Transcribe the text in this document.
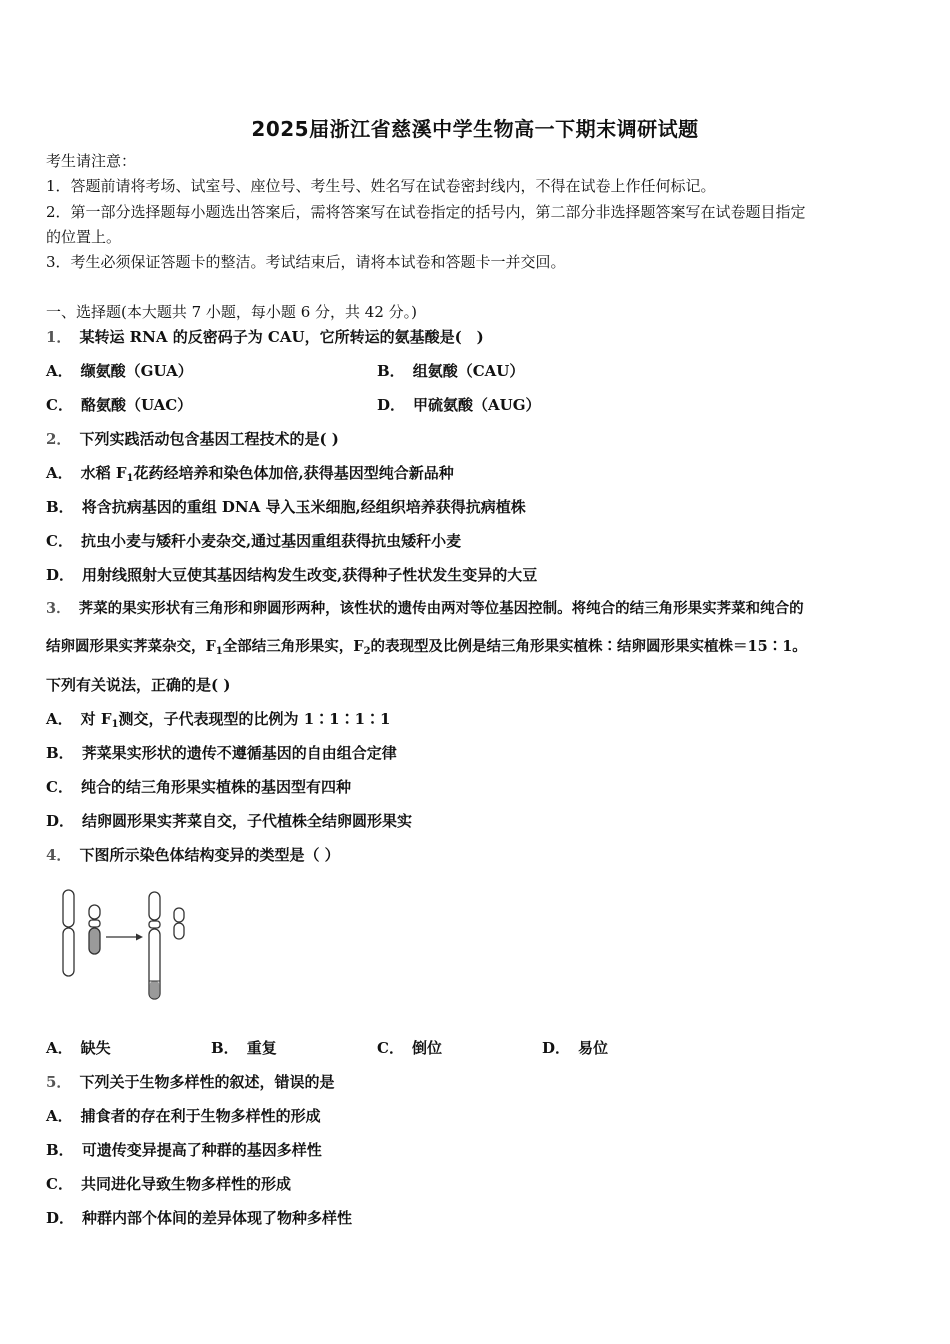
2025届浙江省慈溪中学生物高一下期末调研试题
考生请注意：
1．答题前请将考场、试室号、座位号、考生号、姓名写在试卷密封线内，不得在试卷上作任何标记。
2．第一部分选择题每小题选出答案后，需将答案写在试卷指定的括号内，第二部分非选择题答案写在试卷题目指定
的位置上。
3．考生必须保证答题卡的整洁。考试结束后，请将本试卷和答题卡一并交回。
一、选择题(本大题共 7 小题，每小题 6 分，共 42 分。)
1． 某转运 RNA 的反密码子为 CAU，它所转运的氨基酸是(　)
A． 缬氨酸（GUA）	B． 组氨酸（CAU）
C． 酪氨酸（UAC）	D． 甲硫氨酸（AUG）
2． 下列实践活动包含基因工程技术的是( )
A． 水稻 $F_1$花药经培养和染色体加倍,获得基因型纯合新品种
B． 将含抗病基因的重组 DNA 导入玉米细胞,经组织培养获得抗病植株
C． 抗虫小麦与矮秆小麦杂交,通过基因重组获得抗虫矮秆小麦
D． 用射线照射大豆使其基因结构发生改变,获得种子性状发生变异的大豆
3． 荠菜的果实形状有三角形和卵圆形两种，该性状的遗传由两对等位基因控制。将纯合的结三角形果实荠菜和纯合的
结卵圆形果实荠菜杂交，$F_1$全部结三角形果实，$F_2$的表现型及比例是结三角形果实植株∶结卵圆形果实植株＝15∶1。
下列有关说法，正确的是( )
A． 对 $F_1$测交，子代表现型的比例为 1∶1∶1∶1
B． 荠菜果实形状的遗传不遵循基因的自由组合定律
C． 纯合的结三角形果实植株的基因型有四种
D． 结卵圆形果实荠菜自交，子代植株全结卵圆形果实
4． 下图所示染色体结构变异的类型是（ ）
A． 缺失	B． 重复	C． 倒位	D． 易位
5． 下列关于生物多样性的叙述，错误的是
A． 捕食者的存在利于生物多样性的形成
B． 可遗传变异提高了种群的基因多样性
C． 共同进化导致生物多样性的形成
D． 种群内部个体间的差异体现了物种多样性
